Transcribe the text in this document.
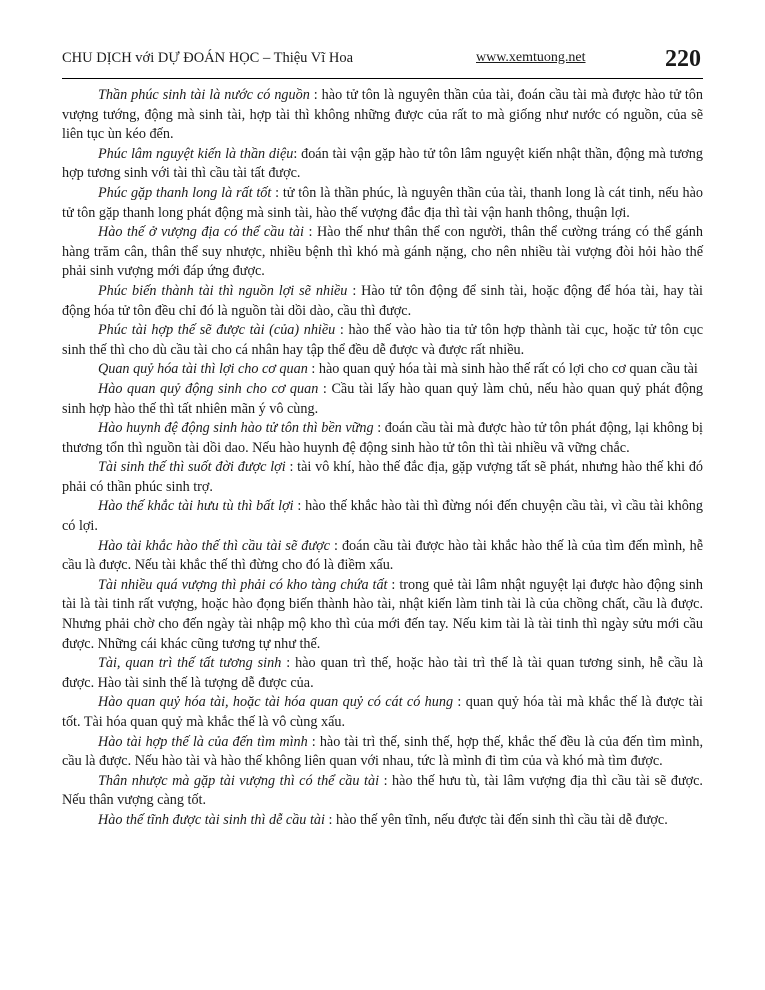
CHU DỊCH với DỰ ĐOÁN HỌC – Thiệu Vĩ Hoa	www.xemtuong.net	220

Thần phúc sinh tài là nước có nguồn : hào tử tôn là nguyên thần của tài, đoán cầu tài mà được hào tử tôn vượng tướng, động mà sinh tài, hợp tài thì không những được của rất to mà giống như nước có nguồn, của sẽ liên tục ùn kéo đến.

Phúc lâm nguyệt kiến là thần diệu: đoán tài vận gặp hào tử tôn lâm nguyệt kiến nhật thần, động mà tương hợp tương sinh với tài thì cầu tài tất được.

Phúc gặp thanh long là rất tốt : tử tôn là thần phúc, là nguyên thần của tài, thanh long là cát tinh, nếu hào tử tôn gặp thanh long phát động mà sinh tài, hào thế vượng đắc địa thì tài vận hanh thông, thuận lợi.

Hào thế ở vượng địa có thể cầu tài : Hào thế như thân thể con người, thân thể cường tráng có thể gánh hàng trăm cân, thân thể suy nhược, nhiều bệnh thì khó mà gánh nặng, cho nên nhiều tài vượng đòi hỏi hào thế phải sinh vượng mới đáp ứng được.

Phúc biến thành tài thì nguồn lợi sẽ nhiều : Hào tử tôn động để sinh tài, hoặc động để hóa tài, hay tài động hóa tử tôn đều chỉ đó là nguồn tài dồi dào, cầu thì được.

Phúc tài hợp thế sẽ được tài (của) nhiều : hào thế vào hào tia tử tôn hợp thành tài cục, hoặc tử tôn cục sinh thế thì cho dù cầu tài cho cá nhân hay tập thể đều dễ được và được rất nhiều.

Quan quỷ hóa tài thì lợi cho cơ quan : hào quan quỷ hóa tài mà sinh hào thế rất có lợi cho cơ quan cầu tài

Hào quan quỷ động sinh cho cơ quan : Cầu tài lấy hào quan quỷ làm chủ, nếu hào quan quỷ phát động sinh hợp hào thế thì tất nhiên mãn ý vô cùng.

Hào huynh đệ động sinh hào tử tôn thì bền vững : đoán cầu tài mà được hào tử tôn phát động, lại không bị thương tổn thì nguồn tài dồi dao. Nếu hào huynh đệ động sinh hào tử tôn thì tài nhiều vã vững chắc.

Tài sinh thế thì suốt đời được lợi : tài vô khí, hào thế đắc địa, gặp vượng tất sẽ phát, nhưng hào thế khi đó phải có thần phúc sinh trợ.

Hào thế khắc tài hưu tù thì bất lợi : hào thế khắc hào tài thì đừng nói đến chuyện cầu tài, vì cầu tài không có lợi.

Hào tài khắc hào thế thì cầu tài sẽ được : đoán cầu tài được hào tài khắc hào thế là của tìm đến mình, hễ cầu là được. Nếu tài khắc thế thì đừng cho đó là điềm xấu.

Tài nhiều quá vượng thì phải có kho tàng chứa tất : trong quẻ tài lâm nhật nguyệt lại được hào động sinh tài là tài tinh rất vượng, hoặc hào đọng biến thành hào tài, nhật kiến làm tinh tài là của chồng chất, cầu là được. Nhưng phải chờ cho đến ngày tài nhập mộ kho thì của mới đến tay. Nếu kim tài là tài tinh thì ngày sửu mới cầu được. Những cái khác cũng tương tự như thế.

Tài, quan trì thế tất tương sinh : hào quan trì thế, hoặc hào tài trì thế là tài quan tương sinh, hễ cầu là được. Hào tài sinh thế là tượng dễ được của.

Hào quan quỷ hóa tài, hoặc tài hóa quan quỷ có cát có hung : quan quỷ hóa tài mà khắc thế là được tài tốt. Tài hóa quan quỷ mà khắc thế là vô cùng xấu.

Hào tài hợp thế là của đến tìm mình : hào tài trì thế, sinh thế, hợp thế, khắc thế đều là của đến tìm mình, cầu là được. Nếu hào tài và hào thế không liên quan với nhau, tức là mình đi tìm của và khó mà tìm được.

Thân nhược mà gặp tài vượng thì có thể cầu tài : hào thế hưu tù, tài lâm vượng địa thì cầu tài sẽ được. Nếu thân vượng càng tốt.

Hào thế tĩnh được tài sinh thì dễ cầu tài : hào thế yên tĩnh, nếu được tài đến sinh thì cầu tài dễ được.
